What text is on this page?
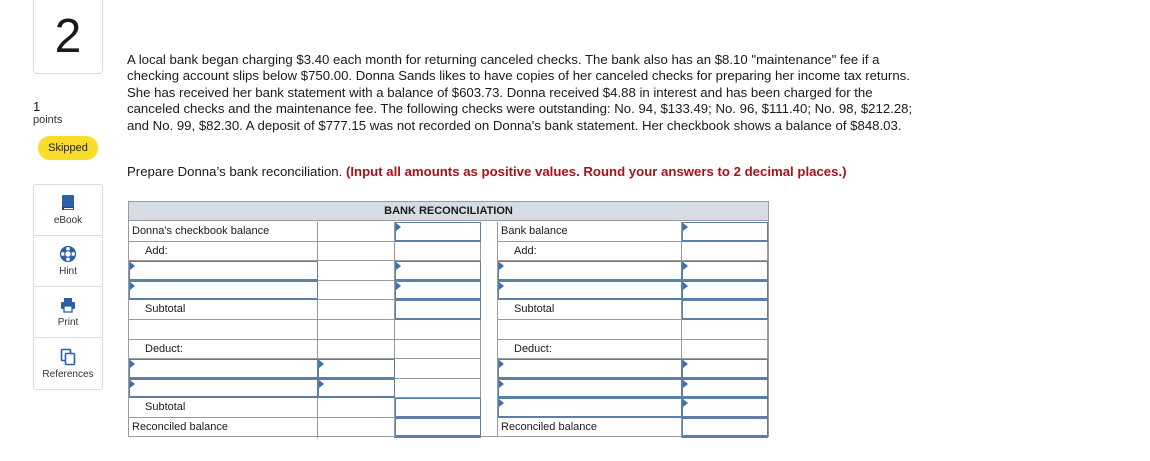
2
1
points
Skipped
eBook
Hint
Print
References
A local bank began charging $3.40 each month for returning canceled checks. The bank also has an $8.10 "maintenance" fee if a checking account slips below $750.00. Donna Sands likes to have copies of her canceled checks for preparing her income tax returns. She has received her bank statement with a balance of $603.73. Donna received $4.88 in interest and has been charged for the canceled checks and the maintenance fee. The following checks were outstanding: No. 94, $133.49; No. 96, $111.40; No. 98, $212.28; and No. 99, $82.30. A deposit of $777.15 was not recorded on Donna's bank statement. Her checkbook shows a balance of $848.03.
Prepare Donna’s bank reconciliation. (Input all amounts as positive values. Round your answers to 2 decimal places.)
BANK RECONCILIATION
Donna's checkbook balance
Add:
Subtotal
Deduct:
Subtotal
Reconciled balance
Bank balance
Add:
Subtotal
Deduct:
Reconciled balance
